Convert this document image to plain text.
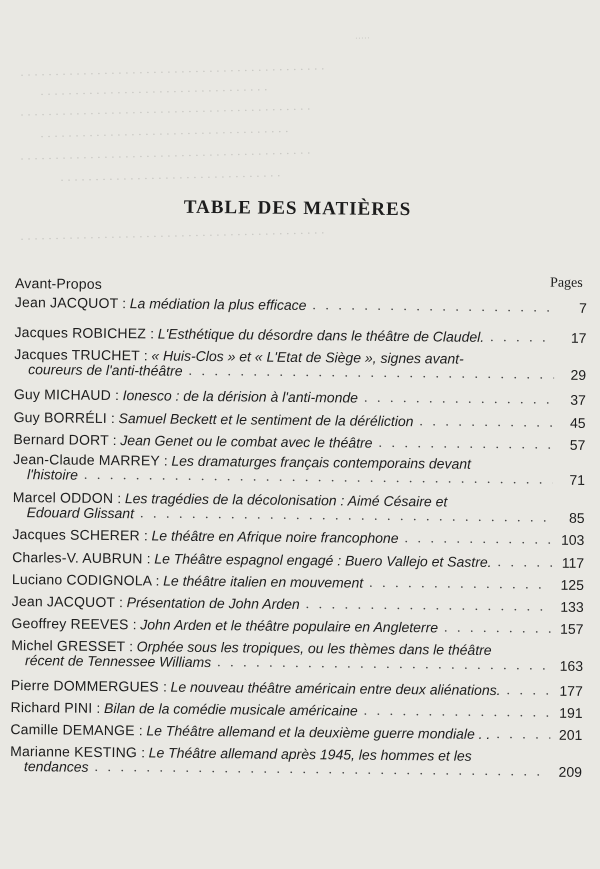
·····
· · · · · · · · · · · · · · · · · · · · · · · · · · · · · · · · · · · · · · · · · · · ·
· · · · · · · · · · · · · · · · · · · · · · · · · · · · · · · · ·
· · · · · · · · · · · · · · · · · · · · · · · · · · · · · · · · · · · · · · · · · ·
· · · · · · · · · · · · · · · · · · · · · · · · · · · · · · · · · · · ·
· · · · · · · · · · · · · · · · · · · · · · · · · · · · · · · · · · · · · · · · · ·
· · · · · · · · · · · · · · · · · · · · · · · · · · · · · · · ·
· · · · · · · · · · · · · · · · · · · · · · · · · · · · · · · · · · · · · · · · · · · ·
TABLE DES MATIÈRES
Pages
Avant-Propos
Jean JACQUOT :
La médiation la plus efficace . . .	7
Jacques ROBICHEZ :
L'Esthétique du désordre dans le théâtre de Claudel. . . .	17
Jacques TRUCHET :
« Huis-Clos » et « L'Etat de Siège », signes avant-
coureurs de l'anti-théâtre . . .	29
Guy MICHAUD :
Ionesco : de la dérision à l'anti-monde . . .	37
Guy BORRÉLI :
Samuel Beckett et le sentiment de la déréliction . . .	45
Bernard DORT :
Jean Genet ou le combat avec le théâtre . . .	57
Jean-Claude MARREY :
Les dramaturges français contemporains devant
l'histoire . . .	71
Marcel ODDON :
Les tragédies de la décolonisation : Aimé Césaire et
Edouard Glissant . . .	85
Jacques SCHERER :
Le théâtre en Afrique noire francophone . . .	103
Charles-V. AUBRUN :
Le Théâtre espagnol engagé : Buero Vallejo et Sastre. . . .	117
Luciano CODIGNOLA :
Le théâtre italien en mouvement . . .	125
Jean JACQUOT :
Présentation de John Arden . . .	133
Geoffrey REEVES :
John Arden et le théâtre populaire en Angleterre . . .	157
Michel GRESSET :
Orphée sous les tropiques, ou les thèmes dans le théâtre
récent de Tennessee Williams . . .	163
Pierre DOMMERGUES :
Le nouveau théâtre américain entre deux aliénations. . . .	177
Richard PINI :
Bilan de la comédie musicale américaine . . .	191
Camille DEMANGE :
Le Théâtre allemand et la deuxième guerre mondiale . . . . .	201
Marianne KESTING :
Le Théâtre allemand après 1945, les hommes et les
tendances . . .	209
